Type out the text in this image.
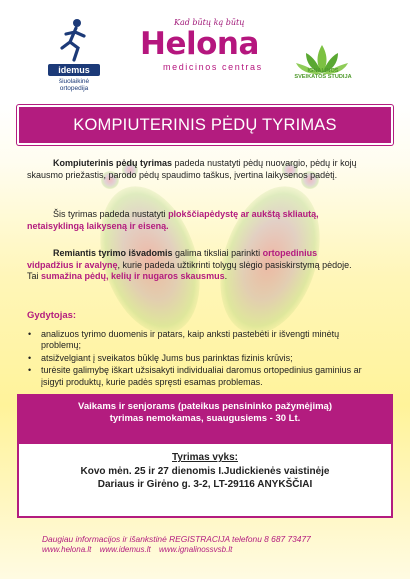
idemus
šiuolaikinė ortopedija
Kad būtų ką būtų
Helona
medicinos centras	IGNALINOS SVEIKATOS STUDIJA
KOMPIUTERINIS PĖDŲ TYRIMAS

Kompiuterinis pėdų tyrimas padeda nustatyti pėdų nuovargio, pėdų ir kojų skausmo priežastis, parodo pėdų spaudimo taškus, įvertina laikysenos padėtį.

Šis tyrimas padeda nustatyti plokščiapėdystę ar aukštą skliautą, netaisyklingą laikyseną ir eiseną.

Remiantis tyrimo išvadomis galima tiksliai parinkti ortopedinius vidpadžius ir avalynę, kurie padeda užtikrinti tolygų slėgio pasiskirstymą pėdoje. Tai sumažina pėdų, kelių ir nugaros skausmus.

Gydytojas:

• analizuos tyrimo duomenis ir patars, kaip anksti pastebėti ir išvengti minėtų problemų;
• atsižvelgiant į sveikatos būklę Jums bus parinktas fizinis krūvis;
• turėsite galimybę iškart užsisakyti individualiai daromus ortopedinius gaminius ar įsigyti produktų, kurie padės spręsti esamas problemas.
Vaikams ir senjorams (pateikus pensininko pažymėjimą)
tyrimas nemokamas, suaugusiems - 30 Lt.
Tyrimas vyks:
Kovo mėn. 25 ir 27 dienomis I.Judickienės vaistinėje
Dariaus ir Girėno g. 3-2, LT-29116 ANYKŠČIAI
Daugiau informacijos ir išankstinė REGISTRACIJA telefonu 8 687 73477
www.helona.lt www.idemus.lt www.ignalinossvsb.lt
